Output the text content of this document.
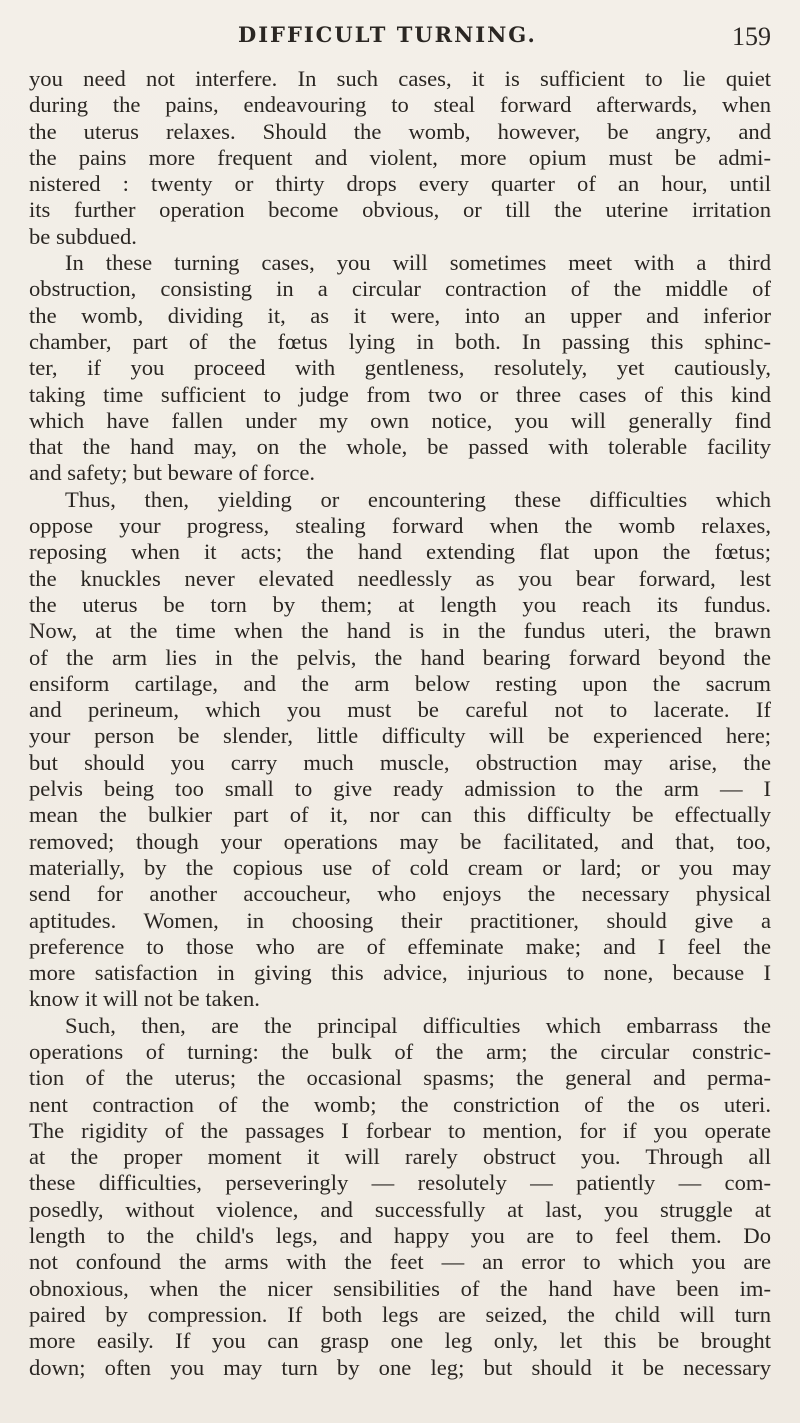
DIFFICULT TURNING.	159
you need not interfere. In such cases, it is sufficient to lie quiet
during the pains, endeavouring to steal forward afterwards, when
the uterus relaxes. Should the womb, however, be angry, and
the pains more frequent and violent, more opium must be admi-
nistered : twenty or thirty drops every quarter of an hour, until
its further operation become obvious, or till the uterine irritation
be subdued.
In these turning cases, you will sometimes meet with a third
obstruction, consisting in a circular contraction of the middle of
the womb, dividing it, as it were, into an upper and inferior
chamber, part of the fœtus lying in both. In passing this sphinc-
ter, if you proceed with gentleness, resolutely, yet cautiously,
taking time sufficient to judge from two or three cases of this kind
which have fallen under my own notice, you will generally find
that the hand may, on the whole, be passed with tolerable facility
and safety; but beware of force.
Thus, then, yielding or encountering these difficulties which
oppose your progress, stealing forward when the womb relaxes,
reposing when it acts; the hand extending flat upon the fœtus;
the knuckles never elevated needlessly as you bear forward, lest
the uterus be torn by them; at length you reach its fundus.
Now, at the time when the hand is in the fundus uteri, the brawn
of the arm lies in the pelvis, the hand bearing forward beyond the
ensiform cartilage, and the arm below resting upon the sacrum
and perineum, which you must be careful not to lacerate. If
your person be slender, little difficulty will be experienced here;
but should you carry much muscle, obstruction may arise, the
pelvis being too small to give ready admission to the arm — I
mean the bulkier part of it, nor can this difficulty be effectually
removed; though your operations may be facilitated, and that, too,
materially, by the copious use of cold cream or lard; or you may
send for another accoucheur, who enjoys the necessary physical
aptitudes. Women, in choosing their practitioner, should give a
preference to those who are of effeminate make; and I feel the
more satisfaction in giving this advice, injurious to none, because I
know it will not be taken.
Such, then, are the principal difficulties which embarrass the
operations of turning: the bulk of the arm; the circular constric-
tion of the uterus; the occasional spasms; the general and perma-
nent contraction of the womb; the constriction of the os uteri.
The rigidity of the passages I forbear to mention, for if you operate
at the proper moment it will rarely obstruct you. Through all
these difficulties, perseveringly — resolutely — patiently — com-
posedly, without violence, and successfully at last, you struggle at
length to the child's legs, and happy you are to feel them. Do
not confound the arms with the feet — an error to which you are
obnoxious, when the nicer sensibilities of the hand have been im-
paired by compression. If both legs are seized, the child will turn
more easily. If you can grasp one leg only, let this be brought
down; often you may turn by one leg; but should it be necessary
